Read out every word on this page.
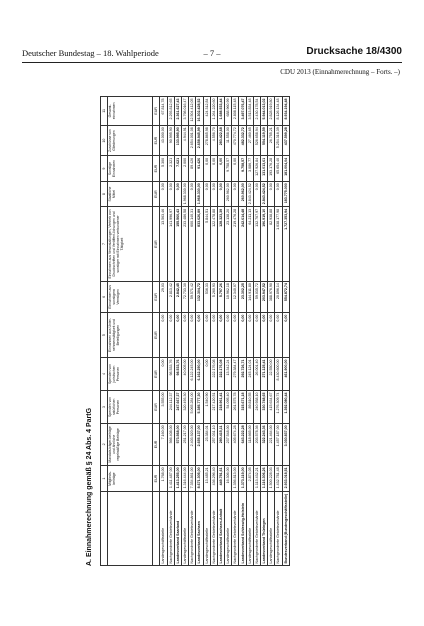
Deutscher Bundestag – 18. Wahlperiode	– 7 –	Drucksache 18/4300
CDU 2013 (Einnahmerechnung – Forts. –)
A. Einnahmerechnung gemäß § 24 Abs. 4 PartG
		1	2	3	4	5	6	7	8	9	10	11
	Mitglieds-beiträge	Mandats-träger-beiträge und ähnliche regelmäßige Beiträge	Spenden von natürlichen Personen	Spenden von juristischen Personen	Einnahmen aus Unter-nehmenstätigkeit und Beteiligungen	Einnahmen aus sonstigem Vermögen	Einnahmen aus Veranstaltungen, Vertrieb von Druckschriften und Veröffent-lichungen und sonstiger mit Einnahmen verbundener Tätigkeit	Staatliche Mittel	Sonstige Einnahmen	Zuschüsse von Gliederungen	Gesamt-einnahmen
	EUR	EUR	EUR	EUR	EUR	EUR	EUR	EUR	EUR	EUR	EUR
Landesgeschäftsstelle	1.768,00	7.160,00	3.555,00	0,00	0,00	29,03	13.563,46	0,00	5.300	43.000,00	67.814,78
Nachgeordnete Gebietsverbände	1.411.487,00	566.408,00	244.112,37	98.533,76	0,00	2.813,42	141.996,97	0,00	2.321	90.995,90	2.293.812,65
Landesverband Saarland	1.413.255,00	573.568,00	247.667,37	98.533,76	0,00	2.842,45	155.560,43	0,00	7.621	133.995,90	2.361.627,43
Landesgeschäftsstelle	1.316.444,00	251.217,00	320.493,30	40.005,00	0,00	72.733,30	233.486,58	1.968.330,00	2.000	4.944,91	3.798.016,47
Nachgeordnete Gebietsverbände	7.354.861,00	2.403.920,00	5.065.284,00	6.122.245,00	0,00	59.571,42	600.140,31	0,00	89.426	2.654.001,08	12.504.412,05
Landesverband Sachsen	8.671.305,00	2.655.137,00	5.385.777,30	6.162.250,00	0,00	132.304,72	833.626,89	1.968.330,00	91.426	2.658.945,99	16.302.428,52
Landesgeschäftsstelle	13.485,21	23.384,01	1.540,90	0,00	0,00	536,33	5.844,51	0,00	0,00	278.865,98	424.312,84
Nachgeordnete Gebietsverbände	436.296,40	257.031,10	217.420,51	222.176,08	0,00	5.260,93	122.478,88	0,00	0,00	4.556,70	1.264.220,60
Landesverband Sachsen-Anhalt	449.781,61	280.415,11	218.961,41	222.176,08	0,00	5.797,26	128.323,39	0,00	0,00	283.422,68	1.688.533,44
Landesgeschäftsstelle	16.306,00	237.548,00	54.095,40	13.342,24	0,00	10.962,18	23.138,20	260.962,00	9.758,57	11.558,00	688.960,99
Nachgeordnete Gebietsverbände	1.356.813,00	405.674,28	261.575,78	279.384,47	0,00	12.340,07	219.476,28	0,00	0,00	470.774,72	2.808.115,48
Landesverband Schleswig-Holstein	1.373.119,00	643.222,28	315.671,18	292.726,71	0,00	23.302,25	242.614,48	260.962,00	9.758,57	482.332,72	3.497.076,47
Landesgeschäftsstelle	2.874,05	118.665,00	89.810,55	245.124,01	0,00	144.911,80	64.211,13	2.843.424,52	3.086,77	27.460,65	3.513.834,48
Nachgeordnete Gebietsverbände	1.113.432,21	203.578,36	240.938,10	26.001,40	0,00	59.035,72	132.707,97	0,00	127.926,84	526.658,94	2.430.178,54
Landesverband Thüringen	1.116.306,26	322.243,36	330.748,65	271.125,41	0,00	203.947,52	196.919,10	2.843.424,52	131.013,61	554.119,59	5.944.013,02
Landesgeschäftsstelle	1.500.228,03	221.464,00	415.634,67	22.550,00	0,00	388.976,90	82.938,88	0,00	193.176,28	26.755,21	2.828.919,80
Nachgeordnete Gebietsverbände	1.432.781,48	1.457.187,00	1.276.309,74	8.430.600,00	0,00	20.896,14	1.038.177,98	0,00	65.654,40	5.254.316,39	8.126.134,48
Bundesverband (Bundesgeschäftsstelle)	2.933.018,51	3.030.837,00	1.392.080,44	461.900,00	0,00	554.872,74	1.727.353,94	183.775.000	181.004,04	437.599,28	8.934.194,48
